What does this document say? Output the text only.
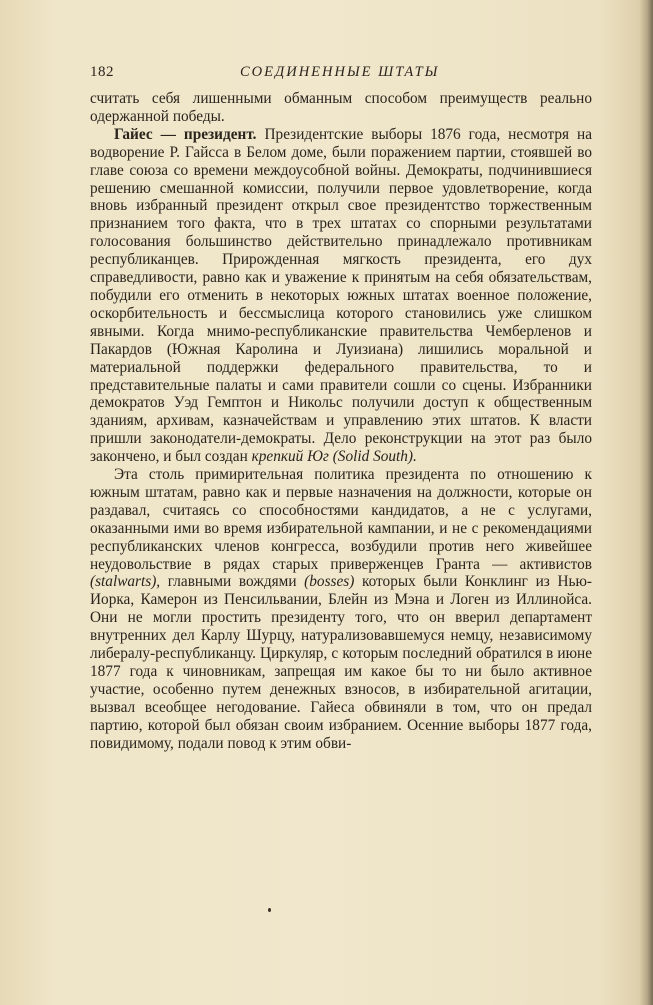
182	СОЕДИНЕННЫЕ ШТАТЫ

считать себя лишенными обманным способом преимуществ реально одержанной победы.

Гайес — президент. Президентские выборы 1876 года, несмотря на водворение Р. Гайсса в Белом доме, были поражением партии, стоявшей во главе союза со времени междоусобной войны. Демократы, подчинившиеся решению смешанной комиссии, получили первое удовлетворение, когда вновь избранный президент открыл свое президентство торжественным признанием того факта, что в трех штатах со спорными результатами голосования большинство действительно принадлежало противникам республиканцев. Прирожденная мягкость президента, его дух справедливости, равно как и уважение к принятым на себя обязательствам, побудили его отменить в некоторых южных штатах военное положение, оскорбительность и бессмыслица которого становились уже слишком явными. Когда мнимо-республиканские правительства Чемберленов и Пакардов (Южная Каролина и Луизиана) лишились моральной и материальной поддержки федерального правительства, то и представительные палаты и сами правители сошли со сцены. Избранники демократов Уэд Гемптон и Никольс получили доступ к общественным зданиям, архивам, казначействам и управлению этих штатов. К власти пришли законодатели-демократы. Дело реконструкции на этот раз было закончено, и был создан крепкий Юг (Solid South).

Эта столь примирительная политика президента по отношению к южным штатам, равно как и первые назначения на должности, которые он раздавал, считаясь со способностями кандидатов, а не с услугами, оказанными ими во время избирательной кампании, и не с рекомендациями республиканских членов конгресса, возбудили против него живейшее неудовольствие в рядах старых приверженцев Гранта — активистов (stalwarts), главными вождями (bosses) которых были Конклинг из Нью-Иорка, Камерон из Пенсильвании, Блейн из Мэна и Логен из Иллинойса. Они не могли простить президенту того, что он вверил департамент внутренних дел Карлу Шурцу, натурализовавшемуся немцу, независимому либералу-республиканцу. Циркуляр, с которым последний обратился в июне 1877 года к чиновникам, запрещая им какое бы то ни было активное участие, особенно путем денежных взносов, в избирательной агитации, вызвал всеобщее негодование. Гайеса обвиняли в том, что он предал партию, которой был обязан своим избранием. Осенние выборы 1877 года, повидимому, подали повод к этим обви-
